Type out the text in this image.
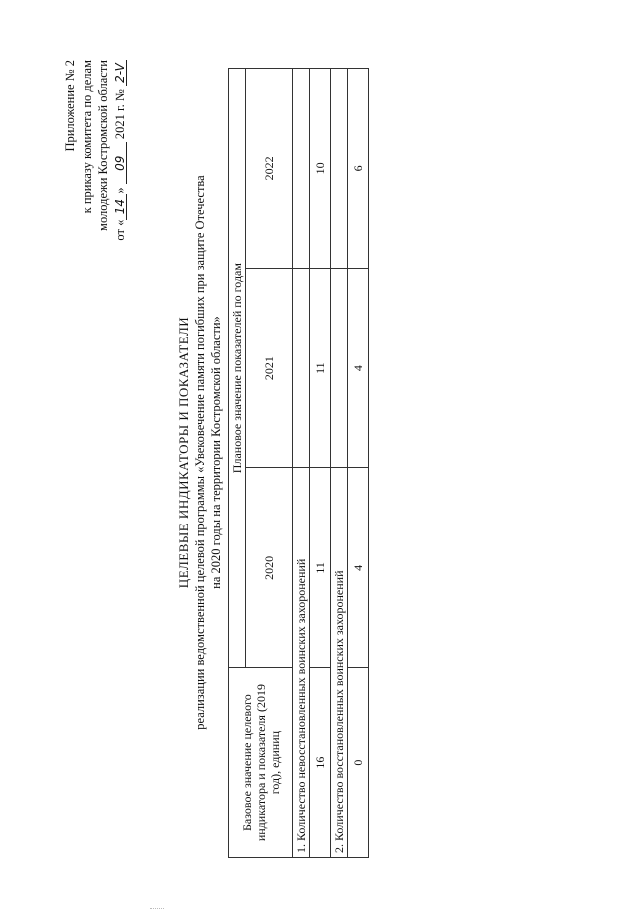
Приложение № 2 к приказу комитета по делам молодежи Костромской области от «14» 09 2021 г. № 2-V
ЦЕЛЕВЫЕ ИНДИКАТОРЫ И ПОКАЗАТЕЛИ реализации ведомственной целевой программы «Увековечение памяти погибших при защите Отечества на 2020 годы на территории Костромской области»
Базовое значение целевого индикатора и показателя (2019 год), единиц	Плановое значение показателей по годам		
	2020	2021	2022
1. Количество невосстановленных воинских захоронений			
16	11	11	10
2. Количество восстановленных воинских захоронений			
0	4	4	6
